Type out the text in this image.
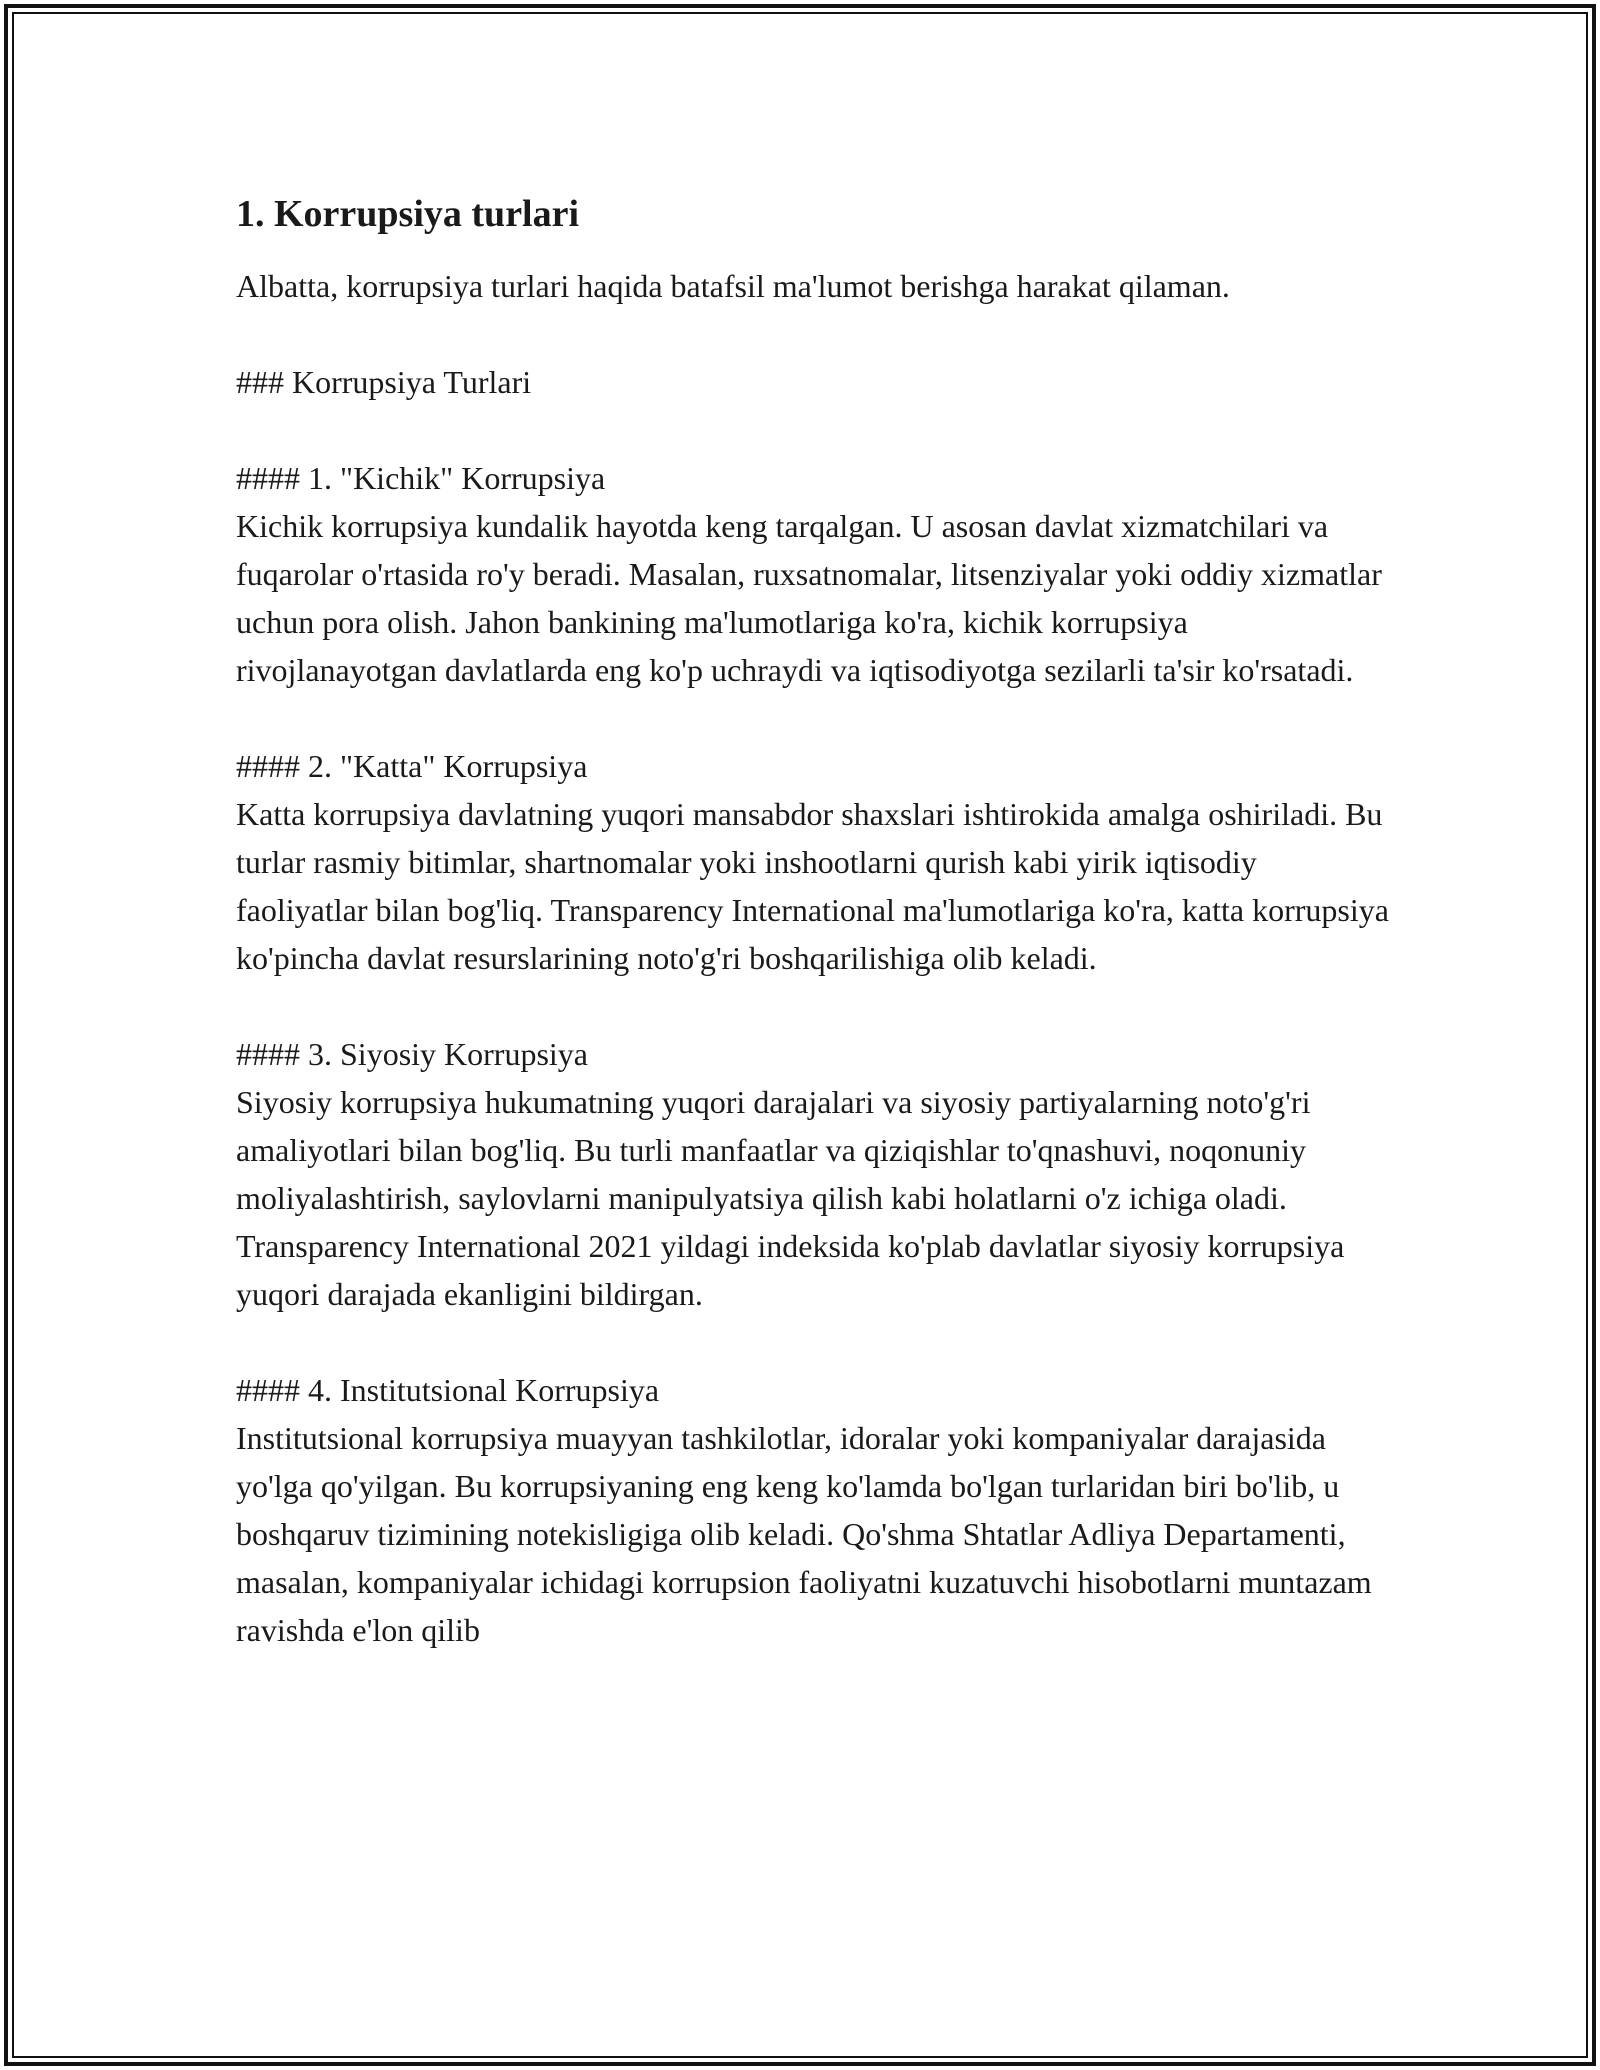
1. Korrupsiya turlari

Albatta, korrupsiya turlari haqida batafsil ma'lumot berishga harakat qilaman.

### Korrupsiya Turlari

#### 1. "Kichik" Korrupsiya

Kichik korrupsiya kundalik hayotda keng tarqalgan. U asosan davlat xizmatchilari va fuqarolar o'rtasida ro'y beradi. Masalan, ruxsatnomalar, litsenziyalar yoki oddiy xizmatlar uchun pora olish. Jahon bankining ma'lumotlariga ko'ra, kichik korrupsiya rivojlanayotgan davlatlarda eng ko'p uchraydi va iqtisodiyotga sezilarli ta'sir ko'rsatadi.

#### 2. "Katta" Korrupsiya

Katta korrupsiya davlatning yuqori mansabdor shaxslari ishtirokida amalga oshiriladi. Bu turlar rasmiy bitimlar, shartnomalar yoki inshootlarni qurish kabi yirik iqtisodiy faoliyatlar bilan bog'liq. Transparency International ma'lumotlariga ko'ra, katta korrupsiya ko'pincha davlat resurslarining noto'g'ri boshqarilishiga olib keladi.

#### 3. Siyosiy Korrupsiya

Siyosiy korrupsiya hukumatning yuqori darajalari va siyosiy partiyalarning noto'g'ri amaliyotlari bilan bog'liq. Bu turli manfaatlar va qiziqishlar to'qnashuvi, noqonuniy moliyalashtirish, saylovlarni manipulyatsiya qilish kabi holatlarni o'z ichiga oladi. Transparency International 2021 yildagi indeksida ko'plab davlatlar siyosiy korrupsiya yuqori darajada ekanligini bildirgan.

#### 4. Institutsional Korrupsiya

Institutsional korrupsiya muayyan tashkilotlar, idoralar yoki kompaniyalar darajasida yo'lga qo'yilgan. Bu korrupsiyaning eng keng ko'lamda bo'lgan turlaridan biri bo'lib, u boshqaruv tizimining notekisligiga olib keladi. Qo'shma Shtatlar Adliya Departamenti, masalan, kompaniyalar ichidagi korrupsion faoliyatni kuzatuvchi hisobotlarni muntazam ravishda e'lon qilib
